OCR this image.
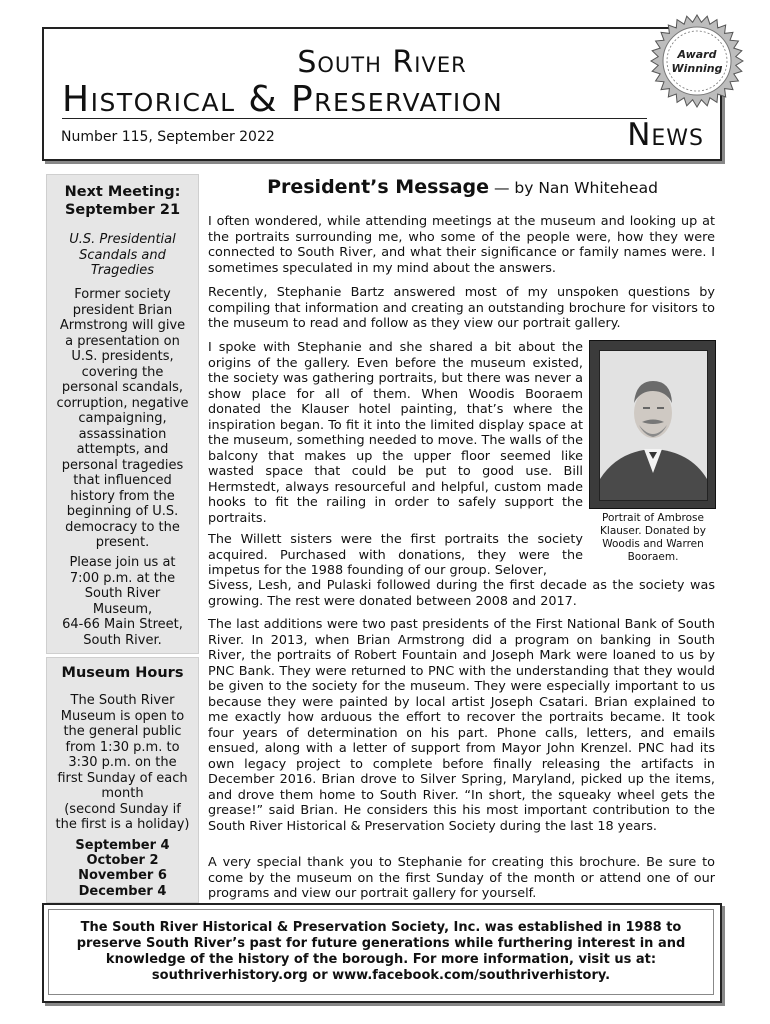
South River
Historical & Preservation
Number 115, September 2022	News
Award
Winning
Next Meeting:
September 21
U.S. Presidential
Scandals and
Tragedies
Former society
president Brian
Armstrong will give
a presentation on
U.S. presidents,
covering the
personal scandals,
corruption, negative
campaigning,
assassination
attempts, and
personal tragedies
that influenced
history from the
beginning of U.S.
democracy to the
present.
Please join us at
7:00 p.m. at the
South River
Museum,
64-66 Main Street,
South River.
Museum Hours
The South River
Museum is open to
the general public
from 1:30 p.m. to
3:30 p.m. on the
first Sunday of each
month
(second Sunday if
the first is a holiday)
September 4
October 2
November 6
December 4
President’s Message — by Nan Whitehead
I often wondered, while attending meetings at the museum and looking up at the portraits surrounding me, who some of the people were, how they were connected to South River, and what their significance or family names were. I sometimes speculated in my mind about the answers.
Recently, Stephanie Bartz answered most of my unspoken questions by compiling that information and creating an outstanding brochure for visitors to the museum to read and follow as they view our portrait gallery.
I spoke with Stephanie and she shared a bit about the origins of the gallery. Even before the museum existed, the society was gathering portraits, but there was never a show place for all of them. When Woodis Booraem donated the Klauser hotel painting, that’s where the inspiration began. To fit it into the limited display space at the museum, something needed to move. The walls of the balcony that makes up the upper floor seemed like wasted space that could be put to good use. Bill Hermstedt, always resourceful and helpful, custom made hooks to fit the railing in order to safely support the portraits.
The Willett sisters were the first portraits the society acquired. Purchased with donations, they were the impetus for the 1988 founding of our group. Selover,
Sivess, Lesh, and Pulaski followed during the first decade as the society was growing. The rest were donated between 2008 and 2017.
The last additions were two past presidents of the First National Bank of South River. In 2013, when Brian Armstrong did a program on banking in South River, the portraits of Robert Fountain and Joseph Mark were loaned to us by PNC Bank. They were returned to PNC with the understanding that they would be given to the society for the museum. They were especially important to us because they were painted by local artist Joseph Csatari. Brian explained to me exactly how arduous the effort to recover the portraits became. It took four years of determination on his part. Phone calls, letters, and emails ensued, along with a letter of support from Mayor John Krenzel. PNC had its own legacy project to complete before finally releasing the artifacts in December 2016. Brian drove to Silver Spring, Maryland, picked up the items, and drove them home to South River. “In short, the squeaky wheel gets the grease!” said Brian. He considers this his most important contribution to the South River Historical & Preservation Society during the last 18 years.
A very special thank you to Stephanie for creating this brochure. Be sure to come by the museum on the first Sunday of the month or attend one of our programs and view our portrait gallery for yourself.
Portrait of Ambrose Klauser. Donated by Woodis and Warren Booraem.
The South River Historical & Preservation Society, Inc. was established in 1988 to preserve South River’s past for future generations while furthering interest in and knowledge of the history of the borough. For more information, visit us at: southriverhistory.org or www.facebook.com/southriverhistory.
